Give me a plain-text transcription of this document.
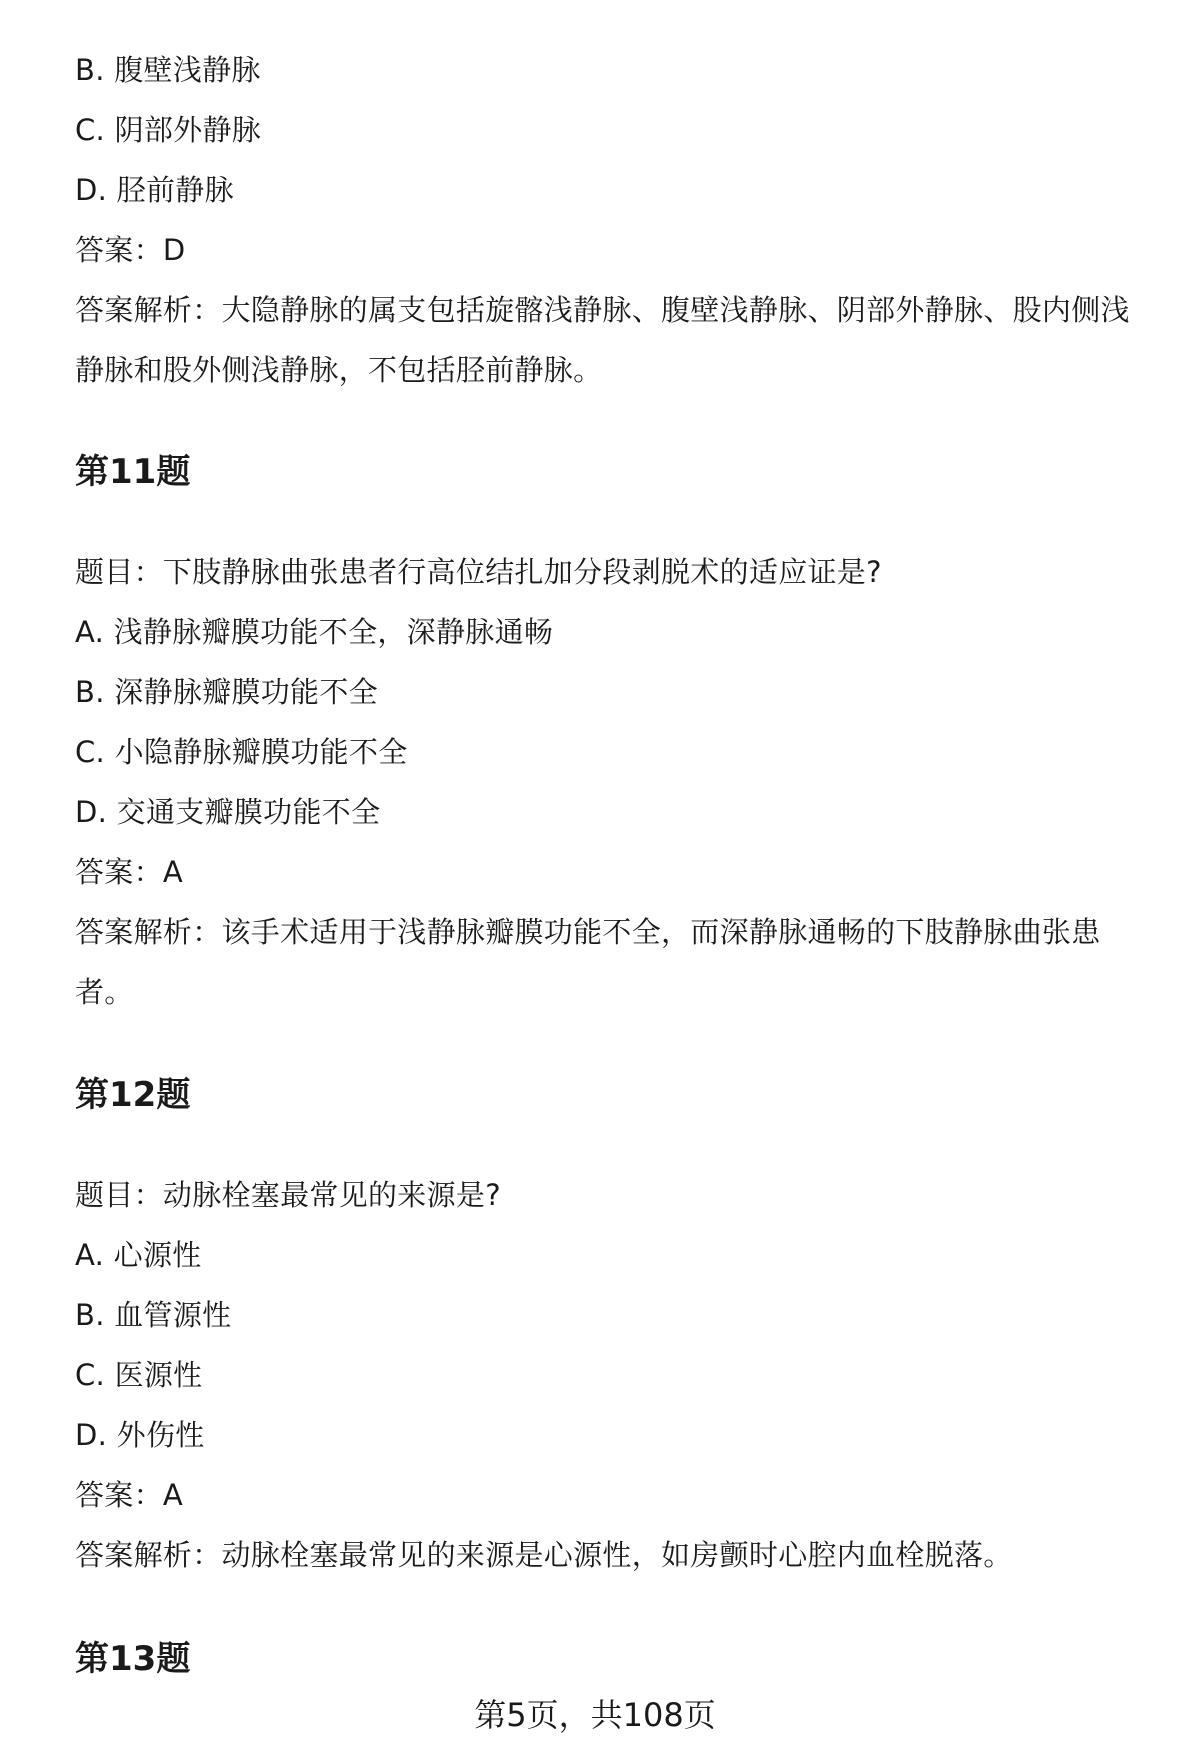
B. 腹壁浅静脉
C. 阴部外静脉
D. 胫前静脉
答案：D
答案解析：大隐静脉的属支包括旋髂浅静脉、腹壁浅静脉、阴部外静脉、股内侧浅
静脉和股外侧浅静脉，不包括胫前静脉。
第11题
题目：下肢静脉曲张患者行高位结扎加分段剥脱术的适应证是?
A. 浅静脉瓣膜功能不全，深静脉通畅
B. 深静脉瓣膜功能不全
C. 小隐静脉瓣膜功能不全
D. 交通支瓣膜功能不全
答案：A
答案解析：该手术适用于浅静脉瓣膜功能不全，而深静脉通畅的下肢静脉曲张患
者。
第12题
题目：动脉栓塞最常见的来源是?
A. 心源性
B. 血管源性
C. 医源性
D. 外伤性
答案：A
答案解析：动脉栓塞最常见的来源是心源性，如房颤时心腔内血栓脱落。
第13题
第5页，共108页
